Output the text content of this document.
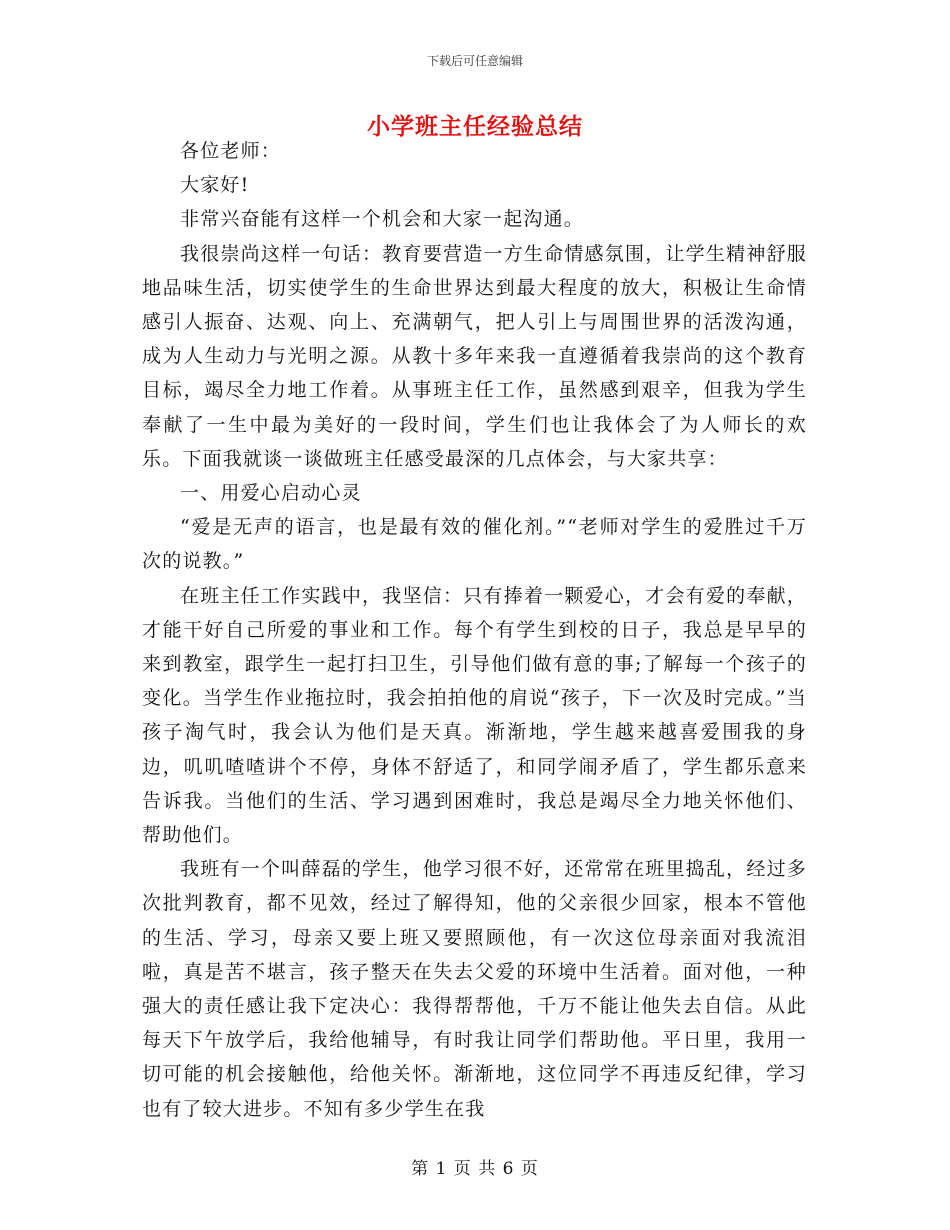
下载后可任意编辑
小学班主任经验总结

各位老师：

大家好!

非常兴奋能有这样一个机会和大家一起沟通。

我很崇尚这样一句话：教育要营造一方生命情感氛围，让学生精神舒服地品味生活，切实使学生的生命世界达到最大程度的放大，积极让生命情感引人振奋、达观、向上、充满朝气，把人引上与周围世界的活泼沟通，成为人生动力与光明之源。从教十多年来我一直遵循着我崇尚的这个教育目标，竭尽全力地工作着。从事班主任工作，虽然感到艰辛，但我为学生奉献了一生中最为美好的一段时间，学生们也让我体会了为人师长的欢乐。下面我就谈一谈做班主任感受最深的几点体会，与大家共享：

一、用爱心启动心灵

“爱是无声的语言，也是最有效的催化剂。”“老师对学生的爱胜过千万次的说教。”

在班主任工作实践中，我坚信：只有捧着一颗爱心，才会有爱的奉献，才能干好自己所爱的事业和工作。每个有学生到校的日子，我总是早早的来到教室，跟学生一起打扫卫生，引导他们做有意的事;了解每一个孩子的变化。当学生作业拖拉时，我会拍拍他的肩说“孩子，下一次及时完成。”当孩子淘气时，我会认为他们是天真。渐渐地，学生越来越喜爱围我的身边，叽叽喳喳讲个不停，身体不舒适了，和同学闹矛盾了，学生都乐意来告诉我。当他们的生活、学习遇到困难时，我总是竭尽全力地关怀他们、帮助他们。

我班有一个叫薛磊的学生，他学习很不好，还常常在班里捣乱，经过多次批判教育，都不见效，经过了解得知，他的父亲很少回家，根本不管他的生活、学习，母亲又要上班又要照顾他，有一次这位母亲面对我流泪啦，真是苦不堪言，孩子整天在失去父爱的环境中生活着。面对他，一种强大的责任感让我下定决心：我得帮帮他，千万不能让他失去自信。从此每天下午放学后，我给他辅导，有时我让同学们帮助他。平日里，我用一切可能的机会接触他，给他关怀。渐渐地，这位同学不再违反纪律，学习也有了较大进步。不知有多少学生在我

第 1 页 共 6 页
